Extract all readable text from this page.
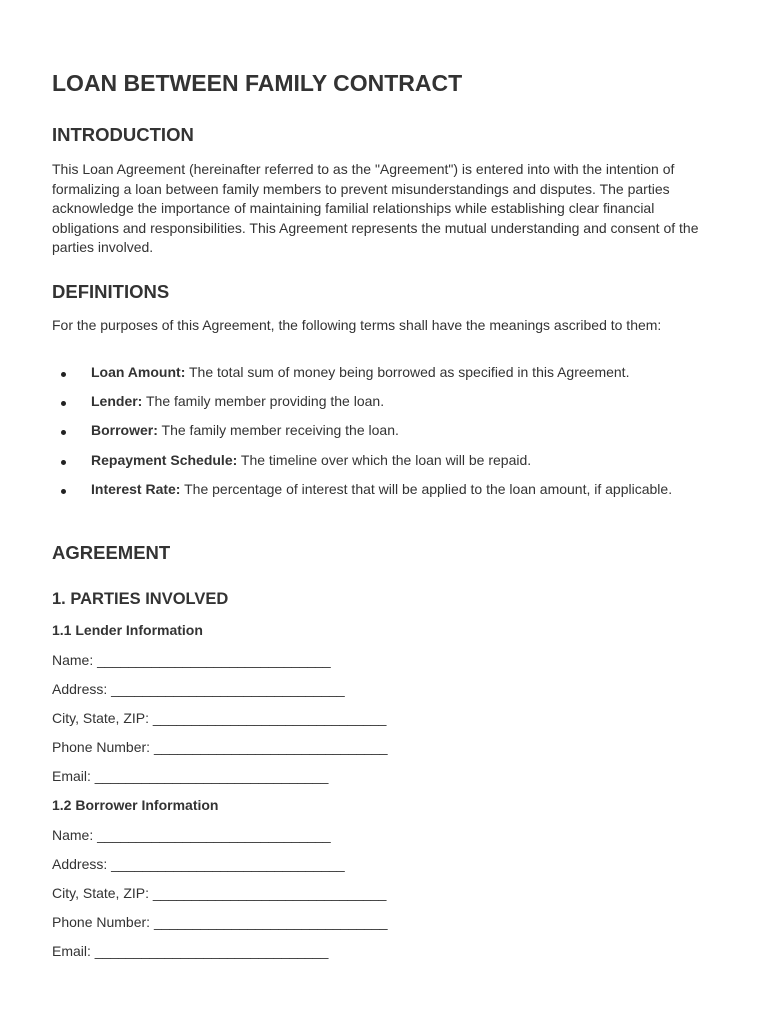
LOAN BETWEEN FAMILY CONTRACT
INTRODUCTION

This Loan Agreement (hereinafter referred to as the "Agreement") is entered into with the intention of formalizing a loan between family members to prevent misunderstandings and disputes. The parties acknowledge the importance of maintaining familial relationships while establishing clear financial obligations and responsibilities. This Agreement represents the mutual understanding and consent of the parties involved.

DEFINITIONS

For the purposes of this Agreement, the following terms shall have the meanings ascribed to them:

Loan Amount: The total sum of money being borrowed as specified in this Agreement.
Lender: The family member providing the loan.
Borrower: The family member receiving the loan.
Repayment Schedule: The timeline over which the loan will be repaid.
Interest Rate: The percentage of interest that will be applied to the loan amount, if applicable.
AGREEMENT
1. PARTIES INVOLVED
1.1 Lender Information

Name: ______________________________

Address: ______________________________

City, State, ZIP: ______________________________

Phone Number: ______________________________

Email: ______________________________

1.2 Borrower Information

Name: ______________________________

Address: ______________________________

City, State, ZIP: ______________________________

Phone Number: ______________________________

Email: ______________________________
